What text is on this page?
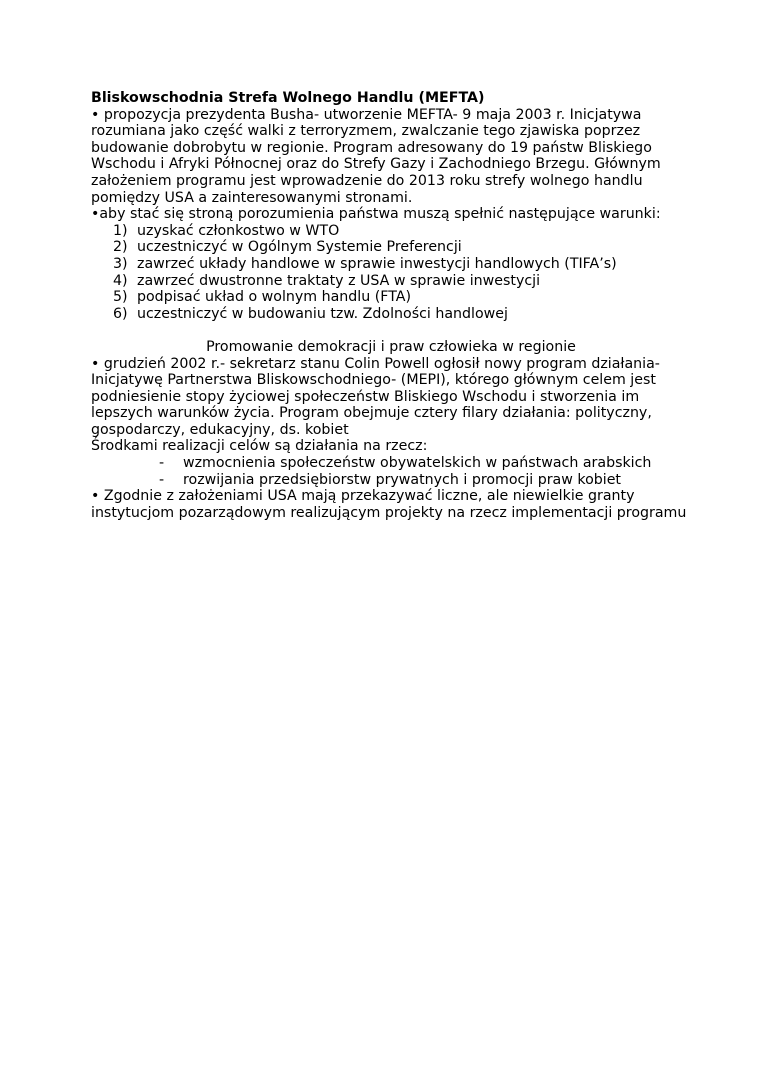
Bliskowschodnia Strefa Wolnego Handlu (MEFTA)

• propozycja prezydenta Busha- utworzenie MEFTA- 9 maja 2003 r. Inicjatywa rozumiana jako część walki z terroryzmem, zwalczanie tego zjawiska poprzez budowanie dobrobytu w regionie. Program adresowany do 19 państw Bliskiego Wschodu i Afryki Północnej oraz do Strefy Gazy i Zachodniego Brzegu. Głównym założeniem programu jest wprowadzenie do 2013 roku strefy wolnego handlu pomiędzy USA a zainteresowanymi stronami.

•aby stać się stroną porozumienia państwa muszą spełnić następujące warunki:

1) uzyskać członkostwo w WTO
2) uczestniczyć w Ogólnym Systemie Preferencji
3) zawrzeć układy handlowe w sprawie inwestycji handlowych (TIFA’s)
4) zawrzeć dwustronne traktaty z USA w sprawie inwestycji
5) podpisać układ o wolnym handlu (FTA)
6) uczestniczyć w budowaniu tzw. Zdolności handlowej

Promowanie demokracji i praw człowieka w regionie

• grudzień 2002 r.- sekretarz stanu Colin Powell ogłosił nowy program działania- Inicjatywę Partnerstwa Bliskowschodniego- (MEPI), którego głównym celem jest podniesienie stopy życiowej społeczeństw Bliskiego Wschodu i stworzenia im lepszych warunków życia. Program obejmuje cztery filary działania: polityczny, gospodarczy, edukacyjny, ds. kobiet

Środkami realizacji celów są działania na rzecz:

- wzmocnienia społeczeństw obywatelskich w państwach arabskich
- rozwijania przedsiębiorstw prywatnych i promocji praw kobiet

• Zgodnie z założeniami USA mają przekazywać liczne, ale niewielkie granty instytucjom pozarządowym realizującym projekty na rzecz implementacji programu
